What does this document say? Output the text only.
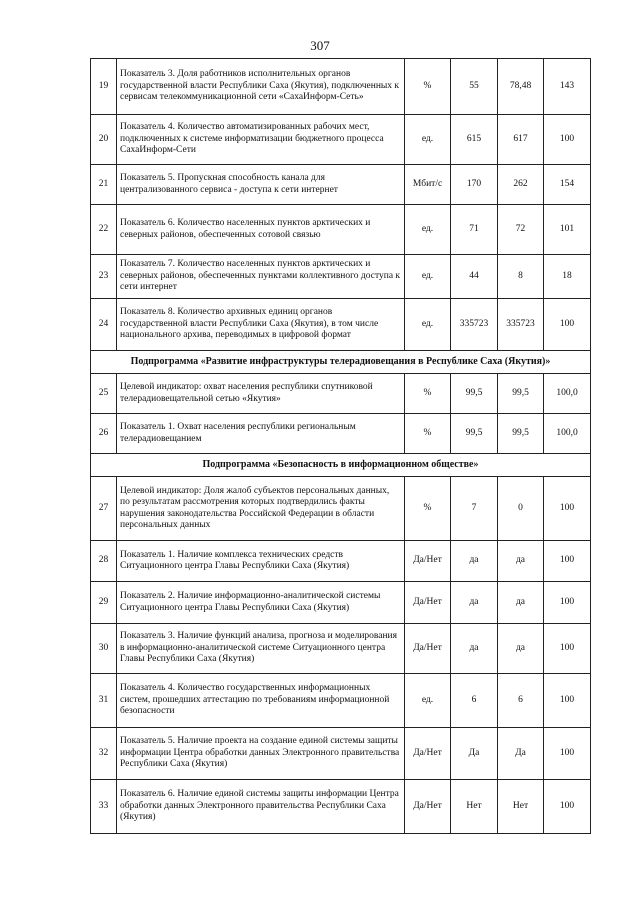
307
19	Показатель 3. Доля работников исполнительных органов государственной власти Республики Саха (Якутия), подключенных к сервисам телекоммуникационной сети «СахаИнформ-Сеть»	%	55	78,48	143
20	Показатель 4. Количество автоматизированных рабочих мест, подключенных к системе информатизации бюджетного процесса СахаИнформ-Сети	ед.	615	617	100
21	Показатель 5. Пропускная способность канала для централизованного сервиса - доступа к сети интернет	Мбит/с	170	262	154
22	Показатель 6. Количество населенных пунктов арктических и северных районов, обеспеченных сотовой связью	ед.	71	72	101
23	Показатель 7. Количество населенных пунктов арктических и северных районов, обеспеченных пунктами коллективного доступа к сети интернет	ед.	44	8	18
24	Показатель 8. Количество архивных единиц органов государственной власти Республики Саха (Якутия), в том числе национального архива, переводимых в цифровой формат	ед.	335723	335723	100
Подпрограмма «Развитие инфраструктуры телерадиовещания в Республике Саха (Якутия)»					
25	Целевой индикатор: охват населения республики спутниковой телерадиовещательной сетью «Якутия»	%	99,5	99,5	100,0
26	Показатель 1. Охват населения республики региональным телерадиовещанием	%	99,5	99,5	100,0
Подпрограмма «Безопасность в информационном обществе»					
27	Целевой индикатор: Доля жалоб субъектов персональных данных, по результатам рассмотрения которых подтвердились факты нарушения законодательства Российской Федерации в области персональных данных	%	7	0	100
28	Показатель 1. Наличие комплекса технических средств Ситуационного центра Главы Республики Саха (Якутия)	Да/Нет	да	да	100
29	Показатель 2. Наличие информационно-аналитической системы Ситуационного центра Главы Республики Саха (Якутия)	Да/Нет	да	да	100
30	Показатель 3. Наличие функций анализа, прогноза и моделирования в информационно-аналитической системе Ситуационного центра Главы Республики Саха (Якутия)	Да/Нет	да	да	100
31	Показатель 4. Количество государственных информационных систем, прошедших аттестацию по требованиям информационной безопасности	ед.	6	6	100
32	Показатель 5. Наличие проекта на создание единой системы защиты информации Центра обработки данных Электронного правительства Республики Саха (Якутия)	Да/Нет	Да	Да	100
33	Показатель 6. Наличие единой системы защиты информации Центра обработки данных Электронного правительства Республики Саха (Якутия)	Да/Нет	Нет	Нет	100
